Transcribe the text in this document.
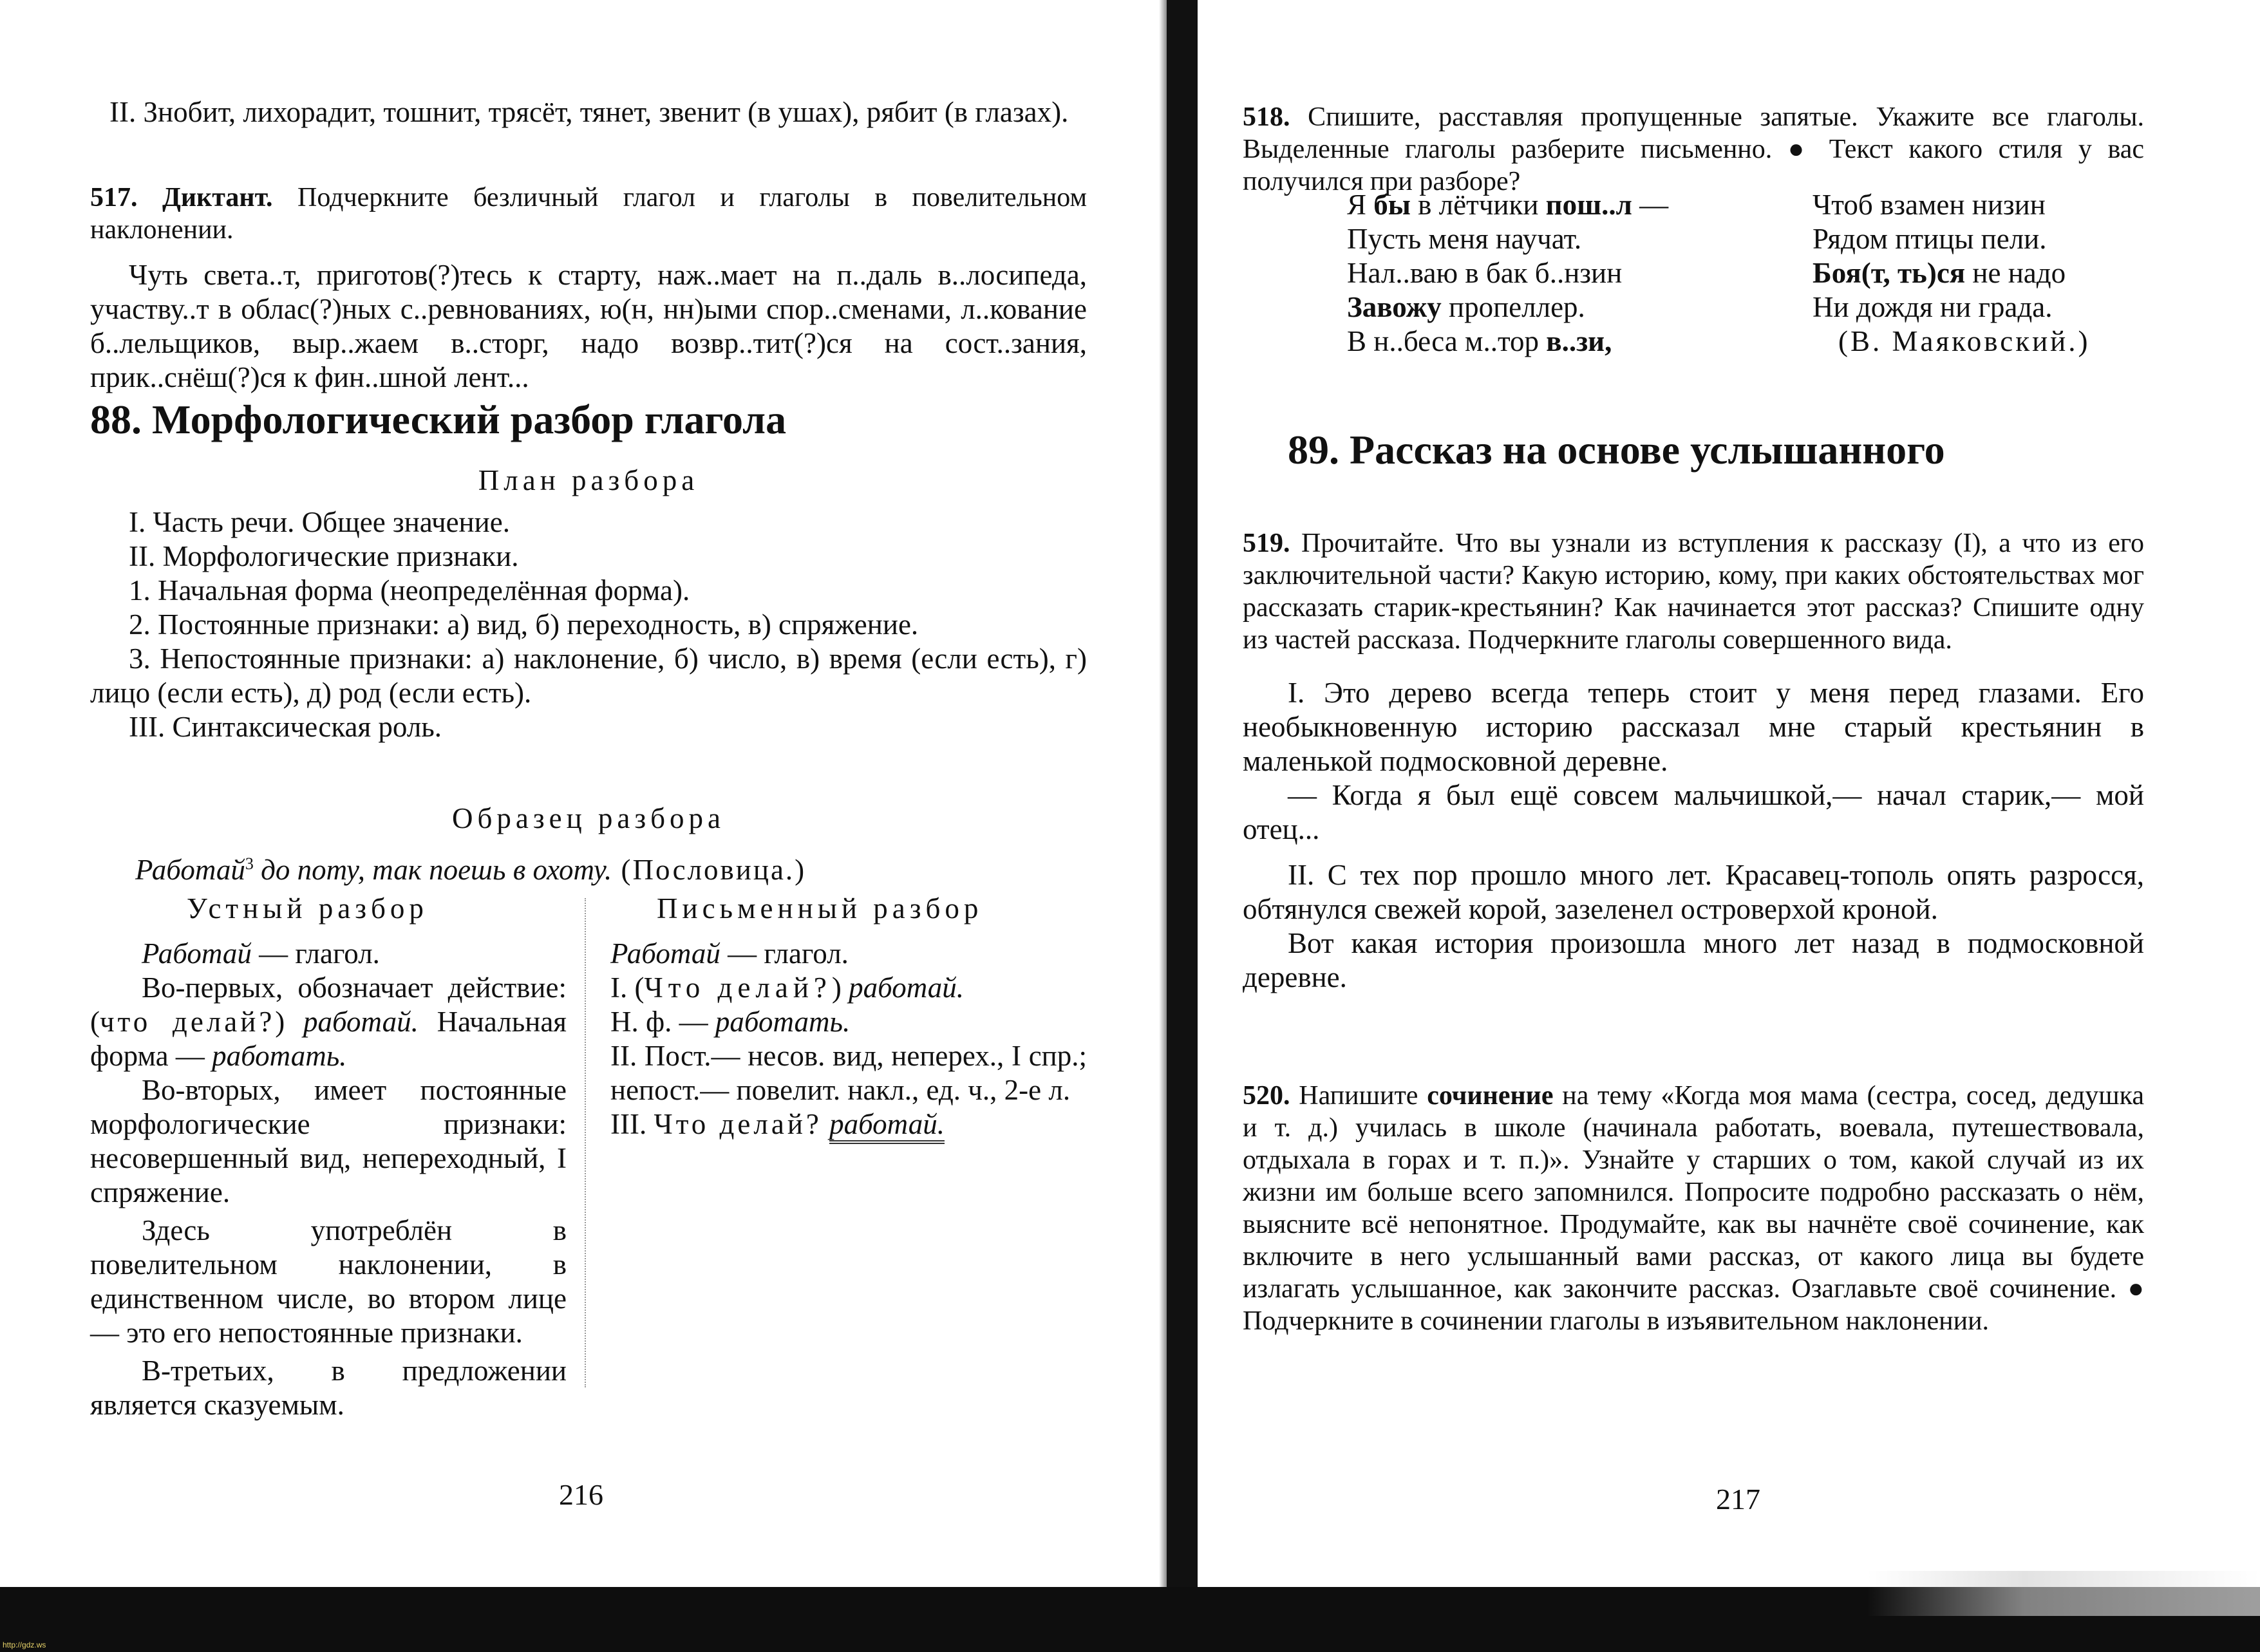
II. Знобит, лихорадит, тошнит, трясёт, тянет, звенит (в ушах), рябит (в глазах).

517. Диктант. Подчеркните безличный глагол и глаголы в повелительном наклонении.

Чуть света..т, приготов(?)тесь к старту, наж..мает на п..даль в..лосипеда, участву..т в облас(?)ных с..ревнованиях, ю(н, нн)ыми спор..сменами, л..кование б..лельщиков, выр..жаем в..сторг, надо возвр..тит(?)ся на сост..зания, прик..снёш(?)ся к фин..шной лент...

88. Морфологический разбор глагола
План разбора

I. Часть речи. Общее значение.

II. Морфологические признаки.

1. Начальная форма (неопределённая форма).

2. Постоянные признаки: а) вид, б) переходность, в) спряжение.

3. Непостоянные признаки: а) наклонение, б) число, в) время (если есть), г) лицо (если есть), д) род (если есть).

III. Синтаксическая роль.

Образец разбора
Работай$^3$ до поту, так поешь в охоту. (Пословица.)
Устный разбор	Письменный разбор

Работай — глагол.

Во-первых, обозначает действие: (что делай?) работай. Начальная форма — работать.

Во-вторых, имеет постоянные морфологические признаки: несовершенный вид, непереходный, I спряжение.

Здесь употреблён в повелительном наклонении, в единственном числе, во втором лице — это его непостоянные признаки.

В-третьих, в предложении является сказуемым.

Работай — глагол.

I. (Что делай?) работай.

Н. ф. — работать.

II. Пост.— несов. вид, неперех., I спр.; непост.— повелит. накл., ед. ч., 2-е л.

III. Что делай? работай.

216

518. Спишите, расставляя пропущенные запятые. Укажите все глаголы. Выделенные глаголы разберите письменно. ● Текст какого стиля у вас получился при разборе?

Я бы в лётчики пош..л —

Пусть меня научат.

Нал..ваю в бак б..нзин

Завожу пропеллер.

В н..беса м..тор в..зи,

Чтоб взамен низин

Рядом птицы пели.

Боя(т, ть)ся не надо

Ни дождя ни града.

(В. Маяковский.)

89. Рассказ на основе услышанного

519. Прочитайте. Что вы узнали из вступления к рассказу (I), а что из его заключительной части? Какую историю, кому, при каких обстоятельствах мог рассказать старик-крестьянин? Как начинается этот рассказ? Спишите одну из частей рассказа. Подчеркните глаголы совершенного вида.

I. Это дерево всегда теперь стоит у меня перед глазами. Его необыкновенную историю рассказал мне старый крестьянин в маленькой подмосковной деревне.

— Когда я был ещё совсем мальчишкой,— начал старик,— мой отец...

II. С тех пор прошло много лет. Красавец-тополь опять разросся, обтянулся свежей корой, зазеленел островерхой кроной.

Вот какая история произошла много лет назад в подмосковной деревне.

520. Напишите сочинение на тему «Когда моя мама (сестра, сосед, дедушка и т. д.) училась в школе (начинала работать, воевала, путешествовала, отдыхала в горах и т. п.)». Узнайте у старших о том, какой случай из их жизни им больше всего запомнился. Попросите подробно рассказать о нём, выясните всё непонятное. Продумайте, как вы начнёте своё сочинение, как включите в него услышанный вами рассказ, от какого лица вы будете излагать услышанное, как закончите рассказ. Озаглавьте своё сочинение. ● Подчеркните в сочинении глаголы в изъявительном наклонении.

217
http://gdz.ws
